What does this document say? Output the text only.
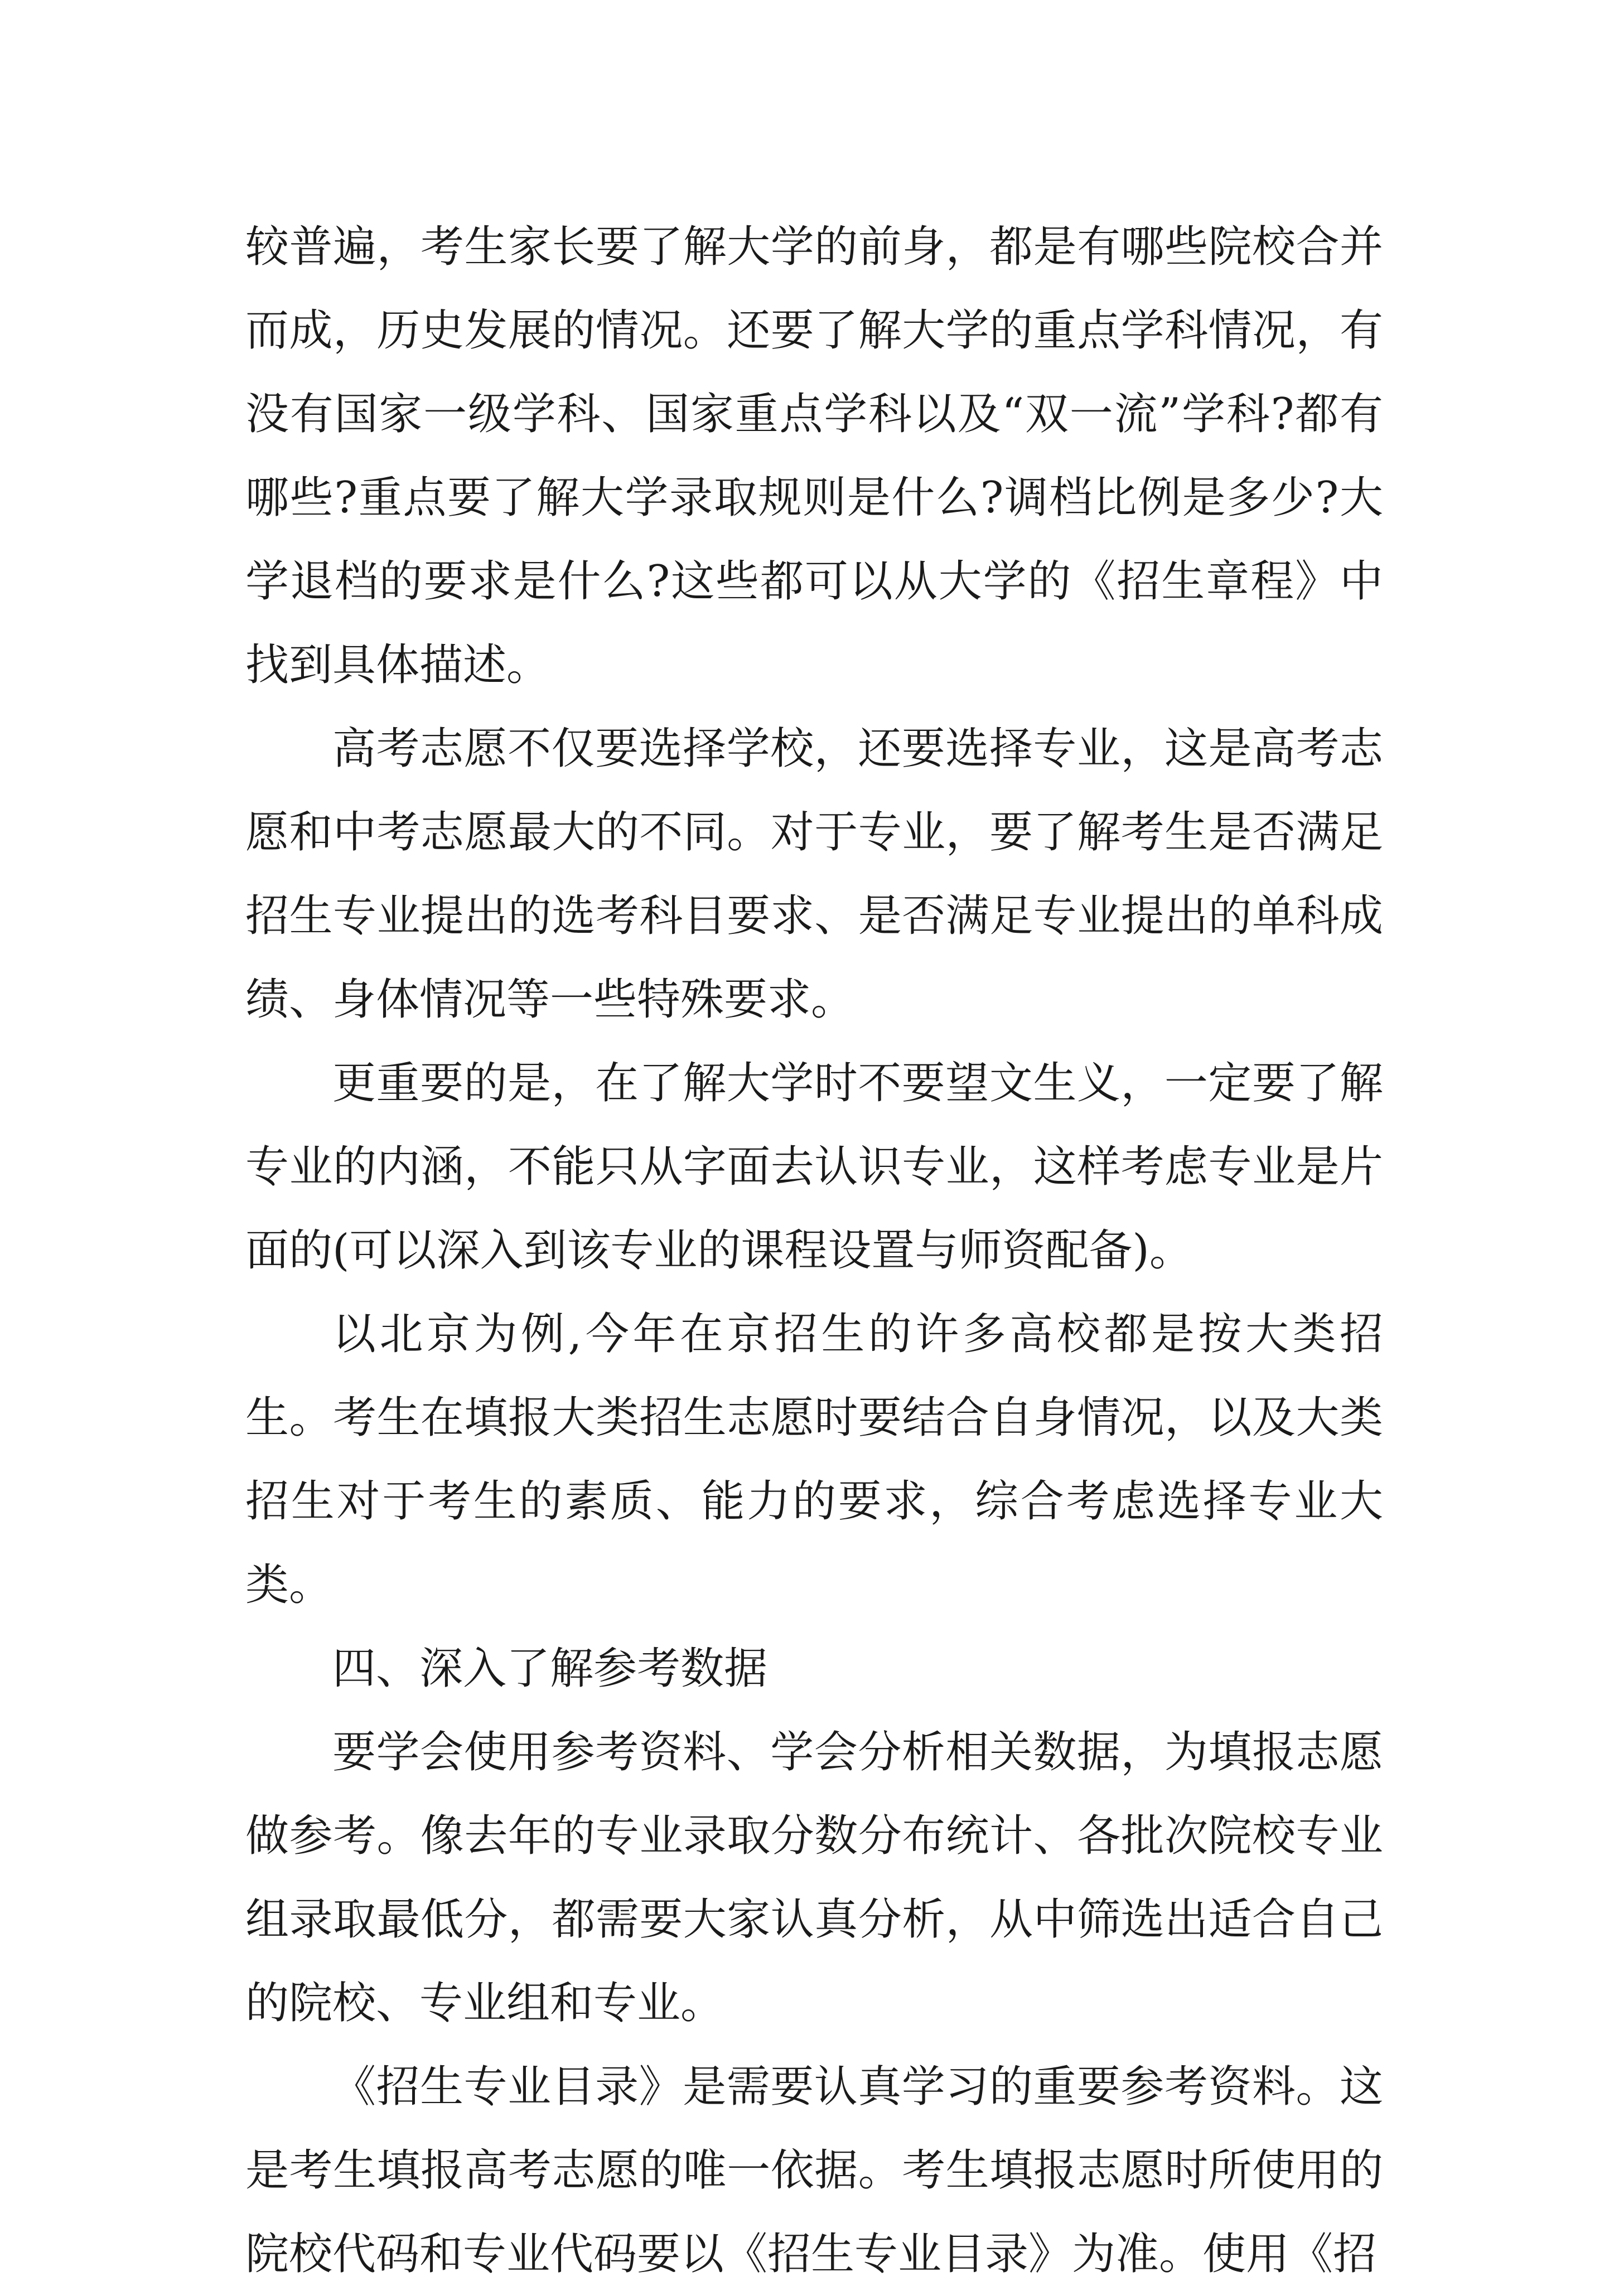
较普遍，考生家长要了解大学的前身，都是有哪些院校合并而成，历史发展的情况。还要了解大学的重点学科情况，有没有国家一级学科、国家重点学科以及“双一流”学科?都有哪些?重点要了解大学录取规则是什么?调档比例是多少?大学退档的要求是什么?这些都可以从大学的《招生章程》中找到具体描述。

高考志愿不仅要选择学校，还要选择专业，这是高考志愿和中考志愿最大的不同。对于专业，要了解考生是否满足招生专业提出的选考科目要求、是否满足专业提出的单科成绩、身体情况等一些特殊要求。

更重要的是，在了解大学时不要望文生义，一定要了解专业的内涵，不能只从字面去认识专业，这样考虑专业是片面的(可以深入到该专业的课程设置与师资配备)。

以北京为例,今年在京招生的许多高校都是按大类招生。考生在填报大类招生志愿时要结合自身情况，以及大类招生对于考生的素质、能力的要求，综合考虑选择专业大类。

四、深入了解参考数据

要学会使用参考资料、学会分析相关数据，为填报志愿做参考。像去年的专业录取分数分布统计、各批次院校专业组录取最低分，都需要大家认真分析，从中筛选出适合自己的院校、专业组和专业。

《招生专业目录》是需要认真学习的重要参考资料。这是考生填报高考志愿的唯一依据。考生填报志愿时所使用的院校代码和专业代码要以《招生专业目录》为准。使用《招
